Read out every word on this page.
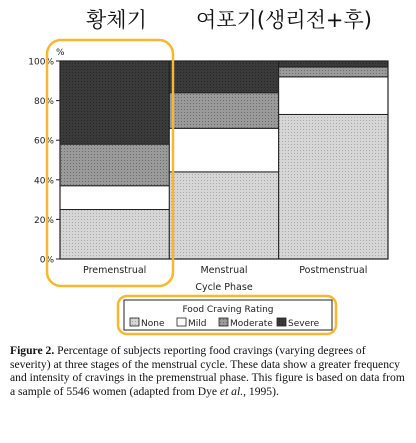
황체기 여포기(생리전+후)
0%
20%
40%
60%
80%
100%
%
Premenstrual	Menstrual	Postmenstrual
Cycle Phase
Food Craving Rating
None	Mild	Moderate Severe
Figure 2. Percentage of subjects reporting food cravings (varying degrees of severity) at three stages of the menstrual cycle. These data show a greater frequency and intensity of cravings in the premenstrual phase. This figure is based on data from a sample of 5546 women (adapted from Dye et al., 1995).
